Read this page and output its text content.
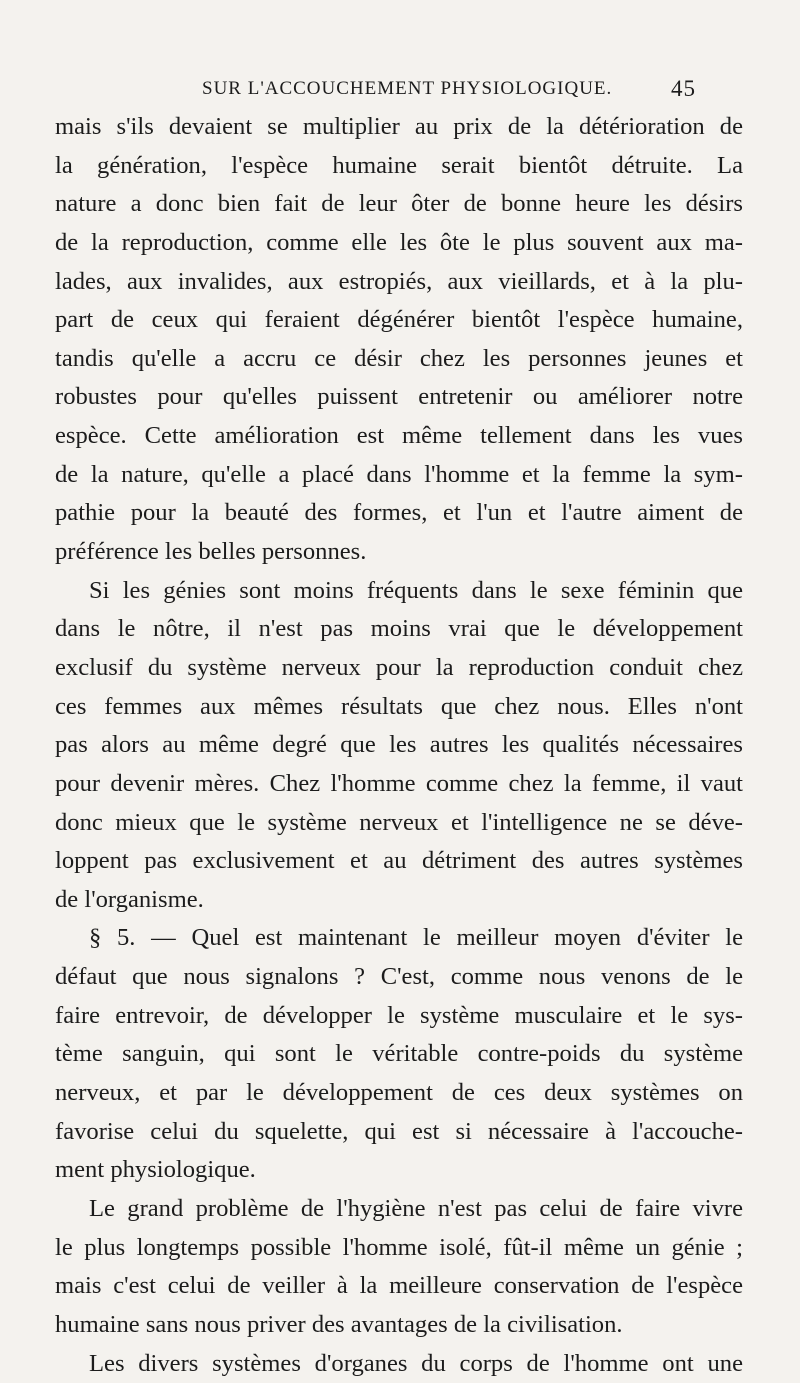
SUR L'ACCOUCHEMENT PHYSIOLOGIQUE.	45
mais s'ils devaient se multiplier au prix de la détérioration de
la génération, l'espèce humaine serait bientôt détruite. La
nature a donc bien fait de leur ôter de bonne heure les désirs
de la reproduction, comme elle les ôte le plus souvent aux ma-
lades, aux invalides, aux estropiés, aux vieillards, et à la plu-
part de ceux qui feraient dégénérer bientôt l'espèce humaine,
tandis qu'elle a accru ce désir chez les personnes jeunes et
robustes pour qu'elles puissent entretenir ou améliorer notre
espèce. Cette amélioration est même tellement dans les vues
de la nature, qu'elle a placé dans l'homme et la femme la sym-
pathie pour la beauté des formes, et l'un et l'autre aiment de
préférence les belles personnes.
Si les génies sont moins fréquents dans le sexe féminin que
dans le nôtre, il n'est pas moins vrai que le développement
exclusif du système nerveux pour la reproduction conduit chez
ces femmes aux mêmes résultats que chez nous. Elles n'ont
pas alors au même degré que les autres les qualités nécessaires
pour devenir mères. Chez l'homme comme chez la femme, il vaut
donc mieux que le système nerveux et l'intelligence ne se déve-
loppent pas exclusivement et au détriment des autres systèmes
de l'organisme.
§ 5. — Quel est maintenant le meilleur moyen d'éviter le
défaut que nous signalons ? C'est, comme nous venons de le
faire entrevoir, de développer le système musculaire et le sys-
tème sanguin, qui sont le véritable contre-poids du système
nerveux, et par le développement de ces deux systèmes on
favorise celui du squelette, qui est si nécessaire à l'accouche-
ment physiologique.
Le grand problème de l'hygiène n'est pas celui de faire vivre
le plus longtemps possible l'homme isolé, fût-il même un génie ;
mais c'est celui de veiller à la meilleure conservation de l'espèce
humaine sans nous priver des avantages de la civilisation.
Les divers systèmes d'organes du corps de l'homme ont une
